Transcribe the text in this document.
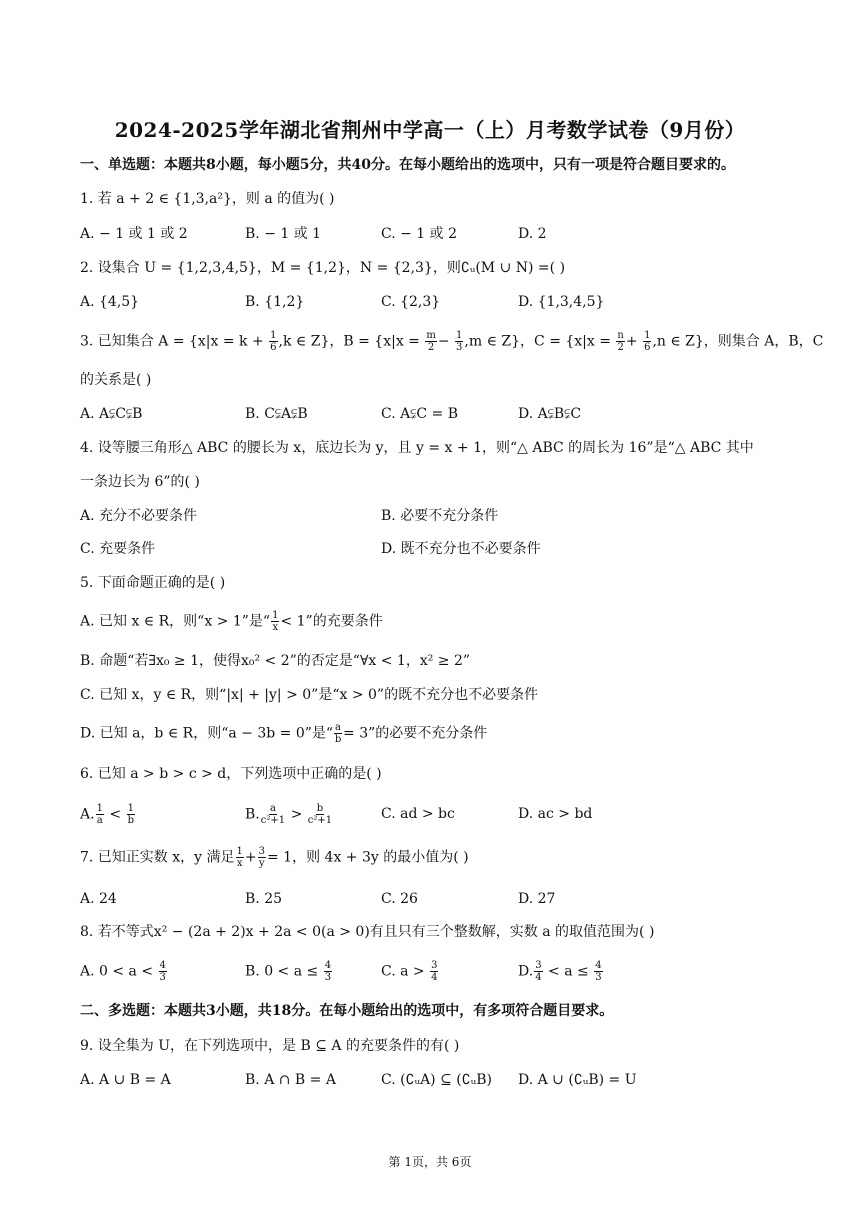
2024-2025学年湖北省荆州中学高一（上）月考数学试卷（9月份）
一、单选题：本题共8小题，每小题5分，共40分。在每小题给出的选项中，只有一项是符合题目要求的。
1. 若 a + 2 ∈ {1,3,a²}，则 a 的值为( )
A. − 1 或 1 或 2	B. − 1 或 1	C. − 1 或 2	D. 2
2. 设集合 U = {1,2,3,4,5}，M = {1,2}，N = {2,3}，则∁ᵤ(M ∪ N) =( )
A. {4,5}	B. {1,2}	C. {2,3}	D. {1,3,4,5}
3. 已知集合 $A = \{x|x = k + \frac{1}{6} ,k$ ∈ Z}，$B = \{x|x = \frac{m}{2} - \frac{1}{3} ,m$ ∈ Z}，$C = \{x|x = \frac{n}{2} + \frac{1}{6} ,n$ ∈ Z}，则集合 A，B，C
的关系是( )
A. A⫋C⫋B	B. C⫋A⫋B	C. A⫋C = B	D. A⫋B⫋C
4. 设等腰三角形△ ABC 的腰长为 x，底边长为 y，且 y = x + 1，则“△ ABC 的周长为 16”是“△ ABC 其中
一条边长为 6”的( )
A. 充分不必要条件	B. 必要不充分条件
C. 充要条件	D. 既不充分也不必要条件
5. 下面命题正确的是( )
A. 已知 x ∈ R，则“x > 1”是“ $\frac{1}{x} < 1$”的充要条件
B. 命题“若∃x₀ ≥ 1，使得x₀² < 2”的否定是“∀x < 1，x² ≥ 2”
C. 已知 x，y ∈ R，则“|x| + |y| > 0”是“x > 0”的既不充分也不必要条件
D. 已知 a，b ∈ R，则“a − 3b = 0”是“ $\frac{a}{b} = 3$”的必要不充分条件
6. 已知 a > b > c > d，下列选项中正确的是( )
A. $\frac{1}{a} < \frac{1}{b}$	B. $\frac{a}{\text{c²+1}} > \frac{b}{\text{c²+1}}$	C. ad > bc	D. ac > bd
7. 已知正实数 x，y 满足 $\frac{1}{x} + \frac{3}{y} = 1$，则 4x + 3y 的最小值为( )
A. 24	B. 25	C. 26	D. 27
8. 若不等式x² − (2a + 2)x + 2a < 0(a > 0)有且只有三个整数解，实数 a 的取值范围为( )
A. $0 < a < \frac{4}{3}$	B. $0 < a \le \frac{4}{3}$	C. $a > \frac{3}{4}$	D. $\frac{3}{4} < a \le \frac{4}{3}$
二、多选题：本题共3小题，共18分。在每小题给出的选项中，有多项符合题目要求。
9. 设全集为 U，在下列选项中，是 B ⊆ A 的充要条件的有( )
A. A ∪ B = A	B. A ∩ B = A	C. (∁ᵤA) ⊆ (∁ᵤB) D. A ∪ (∁ᵤB) = U
第 1页，共 6页
